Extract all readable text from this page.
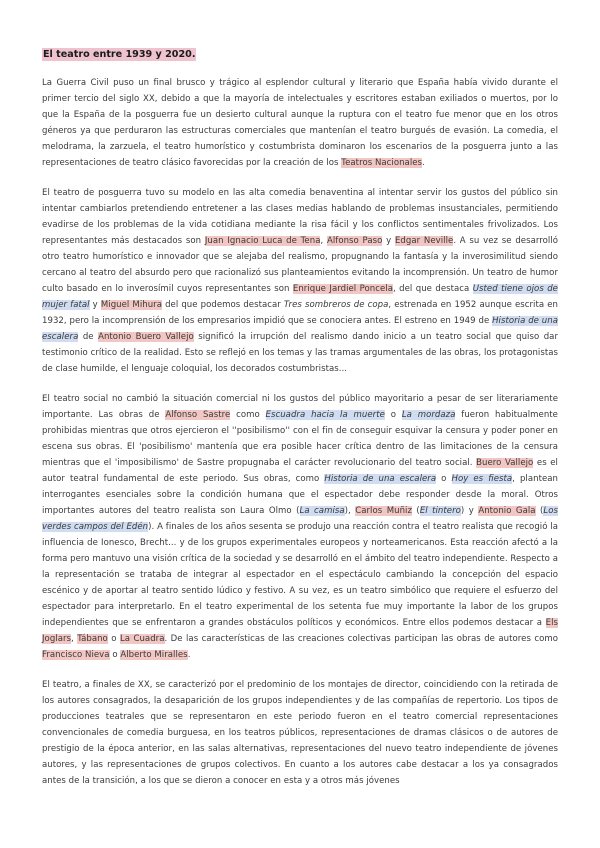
El teatro entre 1939 y 2020.

La Guerra Civil puso un final brusco y trágico al esplendor cultural y literario que España había vivido durante el primer tercio del siglo XX, debido a que la mayoría de intelectuales y escritores estaban exiliados o muertos, por lo que la España de la posguerra fue un desierto cultural aunque la ruptura con el teatro fue menor que en los otros géneros ya que perduraron las estructuras comerciales que mantenían el teatro burgués de evasión. La comedia, el melodrama, la zarzuela, el teatro humorístico y costumbrista dominaron los escenarios de la posguerra junto a las representaciones de teatro clásico favorecidas por la creación de los Teatros Nacionales.

El teatro de posguerra tuvo su modelo en las alta comedia benaventina al intentar servir los gustos del público sin intentar cambiarlos pretendiendo entretener a las clases medias hablando de problemas insustanciales, permitiendo evadirse de los problemas de la vida cotidiana mediante la risa fácil y los conflictos sentimentales frivolizados. Los representantes más destacados son Juan Ignacio Luca de Tena, Alfonso Paso y Edgar Neville. A su vez se desarrolló otro teatro humorístico e innovador que se alejaba del realismo, propugnando la fantasía y la inverosimilitud siendo cercano al teatro del absurdo pero que racionalizó sus planteamientos evitando la incomprensión. Un teatro de humor culto basado en lo inverosímil cuyos representantes son Enrique Jardiel Poncela, del que destaca Usted tiene ojos de mujer fatal y Miguel Mihura del que podemos destacar Tres sombreros de copa, estrenada en 1952 aunque escrita en 1932, pero la incomprensión de los empresarios impidió que se conociera antes. El estreno en 1949 de Historia de una escalera de Antonio Buero Vallejo significó la irrupción del realismo dando inicio a un teatro social que quiso dar testimonio crítico de la realidad. Esto se reflejó en los temas y las tramas argumentales de las obras, los protagonistas de clase humilde, el lenguaje coloquial, los decorados costumbristas...

El teatro social no cambió la situación comercial ni los gustos del público mayoritario a pesar de ser literariamente importante. Las obras de Alfonso Sastre como Escuadra hacia la muerte o La mordaza fueron habitualmente prohibidas mientras que otros ejercieron el ''posibilismo'' con el fin de conseguir esquivar la censura y poder poner en escena sus obras. El 'posibilismo' mantenía que era posible hacer crítica dentro de las limitaciones de la censura mientras que el 'imposibilismo' de Sastre propugnaba el carácter revolucionario del teatro social. Buero Vallejo es el autor teatral fundamental de este periodo. Sus obras, como Historia de una escalera o Hoy es fiesta, plantean interrogantes esenciales sobre la condición humana que el espectador debe responder desde la moral. Otros importantes autores del teatro realista son Laura Olmo (La camisa), Carlos Muñiz (El tintero) y Antonio Gala (Los verdes campos del Edén). A finales de los años sesenta se produjo una reacción contra el teatro realista que recogió la influencia de Ionesco, Brecht... y de los grupos experimentales europeos y norteamericanos. Esta reacción afectó a la forma pero mantuvo una visión crítica de la sociedad y se desarrolló en el ámbito del teatro independiente. Respecto a la representación se trataba de integrar al espectador en el espectáculo cambiando la concepción del espacio escénico y de aportar al teatro sentido lúdico y festivo. A su vez, es un teatro simbólico que requiere el esfuerzo del espectador para interpretarlo. En el teatro experimental de los setenta fue muy importante la labor de los grupos independientes que se enfrentaron a grandes obstáculos políticos y económicos. Entre ellos podemos destacar a Els Joglars, Tábano o La Cuadra. De las características de las creaciones colectivas participan las obras de autores como Francisco Nieva o Alberto Miralles.

El teatro, a finales de XX, se caracterizó por el predominio de los montajes de director, coincidiendo con la retirada de los autores consagrados, la desaparición de los grupos independientes y de las compañías de repertorio. Los tipos de producciones teatrales que se representaron en este periodo fueron en el teatro comercial representaciones convencionales de comedia burguesa, en los teatros públicos, representaciones de dramas clásicos o de autores de prestigio de la época anterior, en las salas alternativas, representaciones del nuevo teatro independiente de jóvenes autores, y las representaciones de grupos colectivos. En cuanto a los autores cabe destacar a los ya consagrados antes de la transición, a los que se dieron a conocer en esta y a otros más jóvenes
